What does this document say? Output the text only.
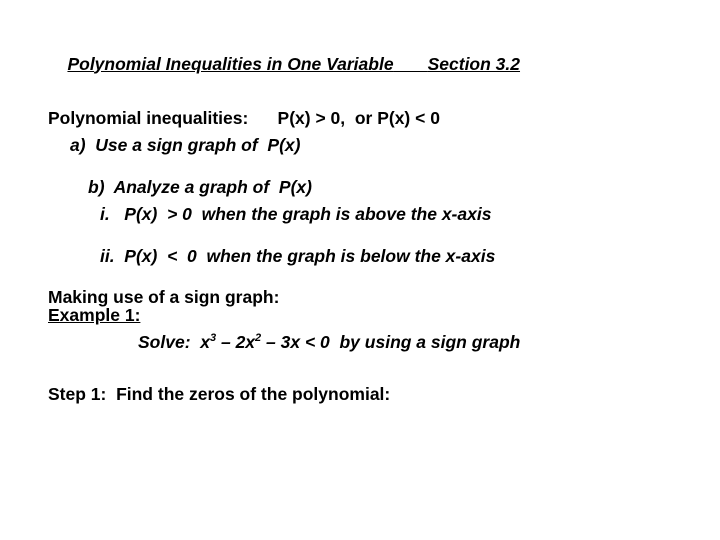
Polynomial Inequalities in One Variable Section 3.2

Polynomial inequalities: P(x) > 0,  or P(x) < 0
a)  Use a sign graph of  P(x)
b)  Analyze a graph of  P(x)
i.   P(x)  > 0  when the graph is above the x-axis
ii.  P(x)  <  0  when the graph is below the x-axis
Making use of a sign graph:
Example 1:
Solve:  $x^3 - 2x^2 - 3x < 0$  by using a sign graph
Step 1:  Find the zeros of the polynomial:
